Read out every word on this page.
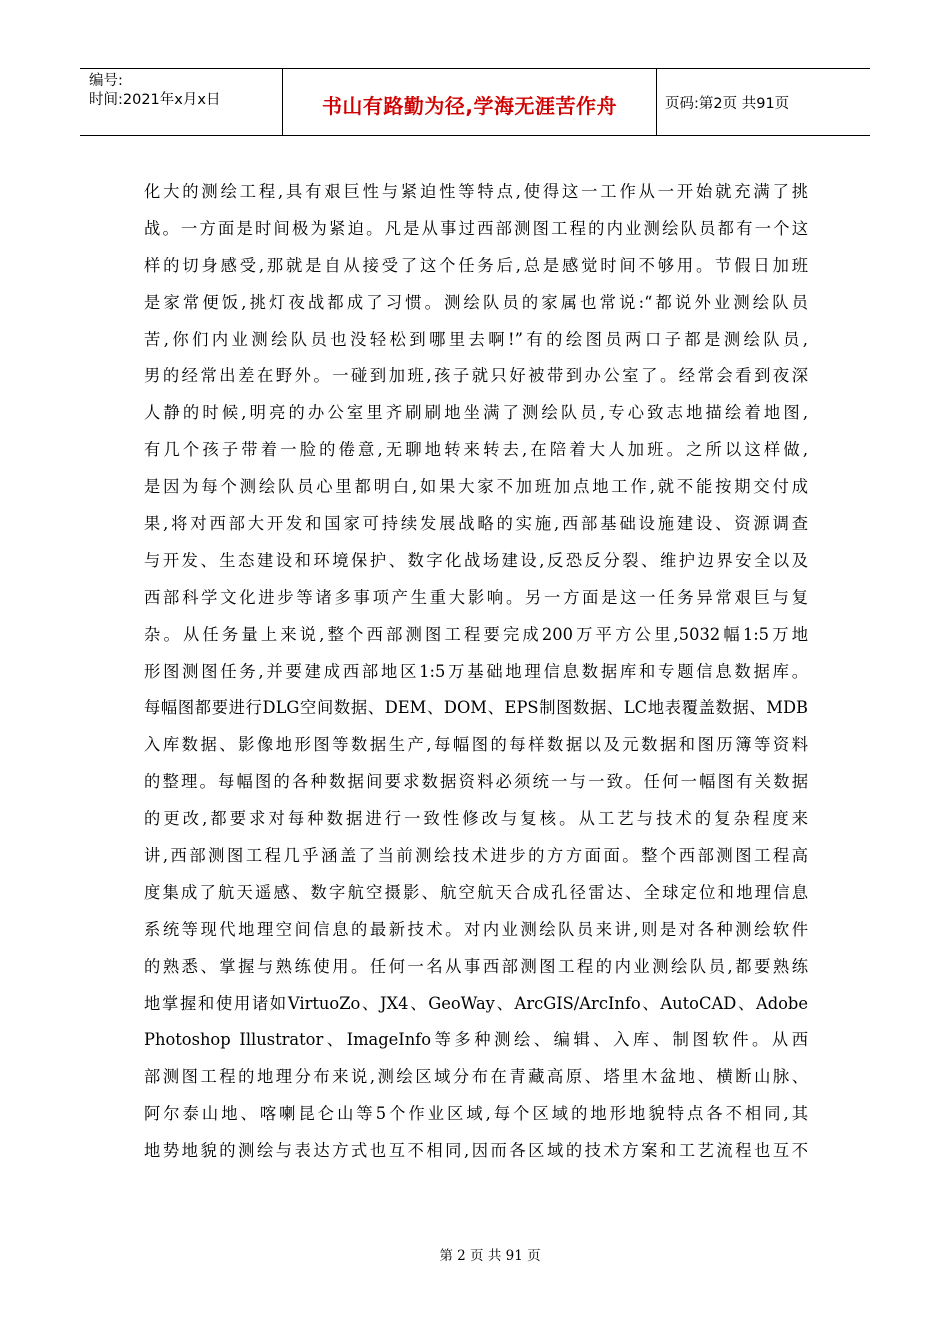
编号:
时间:2021年x月x日	书山有路勤为径,学海无涯苦作舟	页码:第2页 共91页
化大的测绘工程,具有艰巨性与紧迫性等特点,使得这一工作从一开始就充满了挑
战。一方面是时间极为紧迫。凡是从事过西部测图工程的内业测绘队员都有一个这
样的切身感受,那就是自从接受了这个任务后,总是感觉时间不够用。节假日加班
是家常便饭,挑灯夜战都成了习惯。测绘队员的家属也常说:“都说外业测绘队员
苦,你们内业测绘队员也没轻松到哪里去啊!”有的绘图员两口子都是测绘队员,
男的经常出差在野外。一碰到加班,孩子就只好被带到办公室了。经常会看到夜深
人静的时候,明亮的办公室里齐刷刷地坐满了测绘队员,专心致志地描绘着地图,
有几个孩子带着一脸的倦意,无聊地转来转去,在陪着大人加班。之所以这样做,
是因为每个测绘队员心里都明白,如果大家不加班加点地工作,就不能按期交付成
果,将对西部大开发和国家可持续发展战略的实施,西部基础设施建设、资源调查
与开发、生态建设和环境保护、数字化战场建设,反恐反分裂、维护边界安全以及
西部科学文化进步等诸多事项产生重大影响。另一方面是这一任务异常艰巨与复
杂。从任务量上来说,整个西部测图工程要完成200万平方公里,5032幅1:5万地
形图测图任务,并要建成西部地区1:5万基础地理信息数据库和专题信息数据库。
每幅图都要进行DLG空间数据、DEM、DOM、EPS制图数据、LC地表覆盖数据、MDB
入库数据、影像地形图等数据生产,每幅图的每样数据以及元数据和图历簿等资料
的整理。每幅图的各种数据间要求数据资料必须统一与一致。任何一幅图有关数据
的更改,都要求对每种数据进行一致性修改与复核。从工艺与技术的复杂程度来
讲,西部测图工程几乎涵盖了当前测绘技术进步的方方面面。整个西部测图工程高
度集成了航天遥感、数字航空摄影、航空航天合成孔径雷达、全球定位和地理信息
系统等现代地理空间信息的最新技术。对内业测绘队员来讲,则是对各种测绘软件
的熟悉、掌握与熟练使用。任何一名从事西部测图工程的内业测绘队员,都要熟练
地掌握和使用诸如VirtuoZo、JX4、GeoWay、ArcGIS/ArcInfo、AutoCAD、Adobe
Photoshop Illustrator、ImageInfo等多种测绘、编辑、入库、制图软件。从西
部测图工程的地理分布来说,测绘区域分布在青藏高原、塔里木盆地、横断山脉、
阿尔泰山地、喀喇昆仑山等5个作业区域,每个区域的地形地貌特点各不相同,其
地势地貌的测绘与表达方式也互不相同,因而各区域的技术方案和工艺流程也互不
第 2 页 共 91 页
